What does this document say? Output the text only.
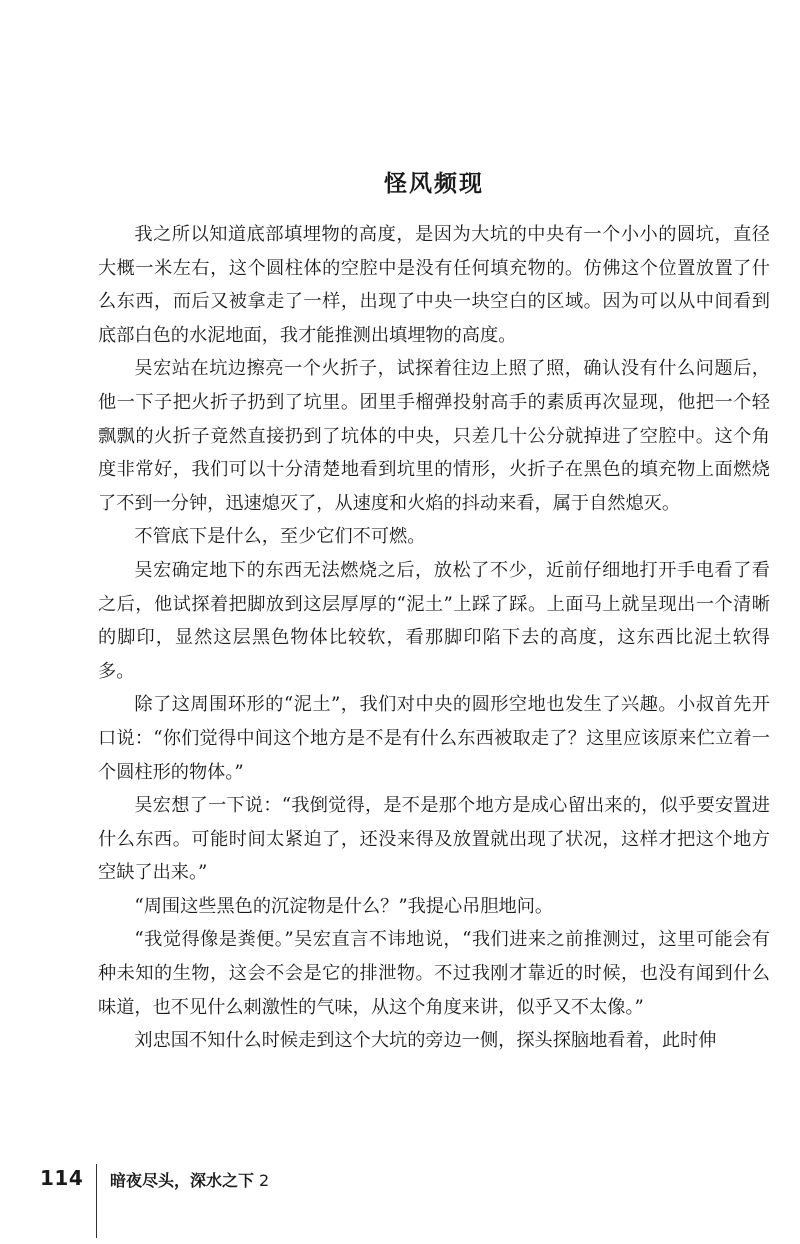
怪风频现

我之所以知道底部填埋物的高度，是因为大坑的中央有一个小小的圆坑，直径大概一米左右，这个圆柱体的空腔中是没有任何填充物的。仿佛这个位置放置了什么东西，而后又被拿走了一样，出现了中央一块空白的区域。因为可以从中间看到底部白色的水泥地面，我才能推测出填埋物的高度。

吴宏站在坑边擦亮一个火折子，试探着往边上照了照，确认没有什么问题后，他一下子把火折子扔到了坑里。团里手榴弹投射高手的素质再次显现，他把一个轻飘飘的火折子竟然直接扔到了坑体的中央，只差几十公分就掉进了空腔中。这个角度非常好，我们可以十分清楚地看到坑里的情形，火折子在黑色的填充物上面燃烧了不到一分钟，迅速熄灭了，从速度和火焰的抖动来看，属于自然熄灭。

不管底下是什么，至少它们不可燃。

吴宏确定地下的东西无法燃烧之后，放松了不少，近前仔细地打开手电看了看之后，他试探着把脚放到这层厚厚的“泥土”上踩了踩。上面马上就呈现出一个清晰的脚印，显然这层黑色物体比较软，看那脚印陷下去的高度，这东西比泥土软得多。

除了这周围环形的“泥土”，我们对中央的圆形空地也发生了兴趣。小叔首先开口说：“你们觉得中间这个地方是不是有什么东西被取走了？这里应该原来伫立着一个圆柱形的物体。”

吴宏想了一下说：“我倒觉得，是不是那个地方是成心留出来的，似乎要安置进什么东西。可能时间太紧迫了，还没来得及放置就出现了状况，这样才把这个地方空缺了出来。”

“周围这些黑色的沉淀物是什么？”我提心吊胆地问。

“我觉得像是粪便。”吴宏直言不讳地说，“我们进来之前推测过，这里可能会有种未知的生物，这会不会是它的排泄物。不过我刚才靠近的时候，也没有闻到什么味道，也不见什么刺激性的气味，从这个角度来讲，似乎又不太像。”

刘忠国不知什么时候走到这个大坑的旁边一侧，探头探脑地看着，此时伸

114 暗夜尽头，深水之下 2
